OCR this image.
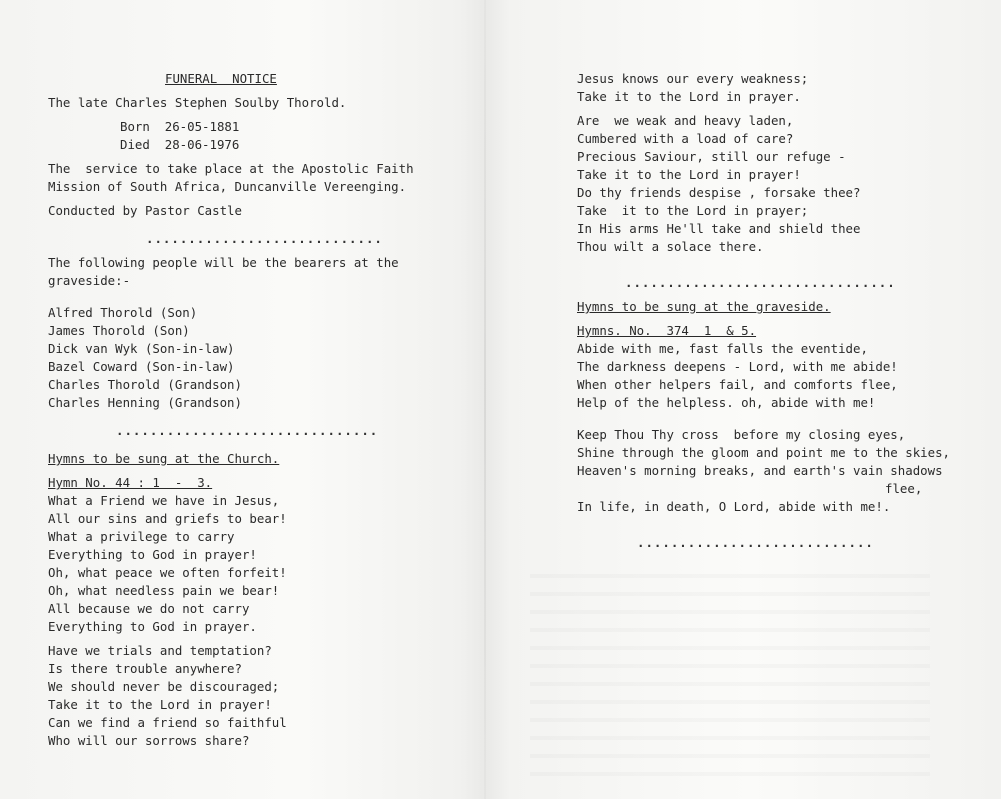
FUNERAL  NOTICE
The late Charles Stephen Soulby Thorold.
Born  26-05-1881
Died  28-06-1976
The  service to take place at the Apostolic Faith
Mission of South Africa, Duncanville Vereenging.
Conducted by Pastor Castle
............................
The following people will be the bearers at the
graveside:-
Alfred Thorold (Son)
James Thorold (Son)
Dick van Wyk (Son-in-law)
Bazel Coward (Son-in-law)
Charles Thorold (Grandson)
Charles Henning (Grandson)
...............................
Hymns to be sung at the Church.
Hymn No. 44 : 1  -  3.
What a Friend we have in Jesus,
All our sins and griefs to bear!
What a privilege to carry
Everything to God in prayer!
Oh, what peace we often forfeit!
Oh, what needless pain we bear!
All because we do not carry
Everything to God in prayer.
Have we trials and temptation?
Is there trouble anywhere?
We should never be discouraged;
Take it to the Lord in prayer!
Can we find a friend so faithful
Who will our sorrows share?
Jesus knows our every weakness;
Take it to the Lord in prayer.
Are  we weak and heavy laden,
Cumbered with a load of care?
Precious Saviour, still our refuge -
Take it to the Lord in prayer!
Do thy friends despise , forsake thee?
Take  it to the Lord in prayer;
In His arms He'll take and shield thee
Thou wilt a solace there.
................................
Hymns to be sung at the graveside.
Hymns. No.  374  1  & 5.
Abide with me, fast falls the eventide,
The darkness deepens - Lord, with me abide!
When other helpers fail, and comforts flee,
Help of the helpless. oh, abide with me!
Keep Thou Thy cross  before my closing eyes,
Shine through the gloom and point me to the skies,
Heaven's morning breaks, and earth's vain shadows
flee,
In life, in death, O Lord, abide with me!.
............................
